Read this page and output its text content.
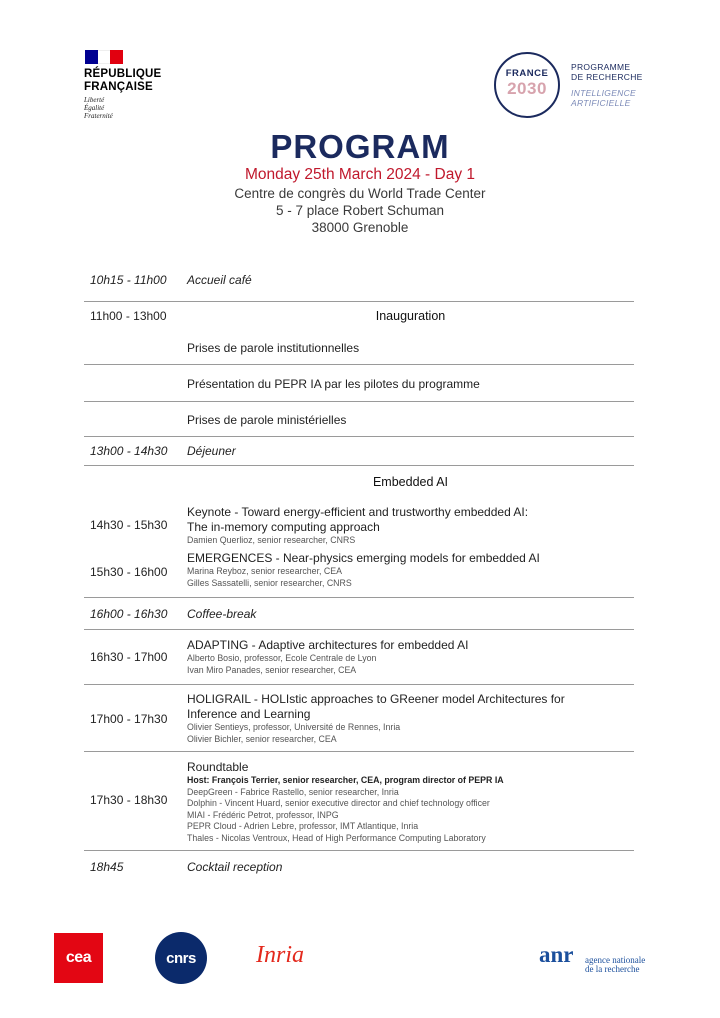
RÉPUBLIQUE
FRANÇAISE
Liberté
Égalité
Fraternité
FRANCE
2030
PROGRAMME
DE RECHERCHE
INTELLIGENCE
ARTIFICIELLE
PROGRAM
Monday 25th March 2024 - Day 1
Centre de congrès du World Trade Center
5 - 7 place Robert Schuman
38000 Grenoble
10h15 - 11h00 Accueil café
11h00 - 13h00	Inauguration
Prises de parole institutionnelles
Présentation du PEPR IA par les pilotes du programme
Prises de parole ministérielles
13h00 - 14h30 Déjeuner
Embedded AI
14h30 - 15h30
Keynote - Toward energy-efficient and trustworthy embedded AI:
The in-memory computing approach
Damien Querlioz, senior researcher, CNRS
15h30 - 16h00
EMERGENCES - Near-physics emerging models for embedded AI
Marina Reyboz, senior researcher, CEA
Gilles Sassatelli, senior researcher, CNRS
16h00 - 16h30 Coffee-break
16h30 - 17h00
ADAPTING - Adaptive architectures for embedded AI
Alberto Bosio, professor, Ecole Centrale de Lyon
Ivan Miro Panades, senior researcher, CEA
17h00 - 17h30
HOLIGRAIL - HOLIstic approaches to GReener model Architectures for
Inference and Learning
Olivier Sentieys, professor, Université de Rennes, Inria
Olivier Bichler, senior researcher, CEA
17h30 - 18h30
Roundtable
Host: François Terrier, senior researcher, CEA, program director of PEPR IA
DeepGreen - Fabrice Rastello, senior researcher, Inria
Dolphin - Vincent Huard, senior executive director and chief technology officer
MIAI - Frédéric Petrot, professor, INPG
PEPR Cloud - Adrien Lebre, professor, IMT Atlantique, Inria
Thales - Nicolas Ventroux, Head of High Performance Computing Laboratory
18h45	Cocktail reception
cea	cnrs	Inria	anr agence nationale
de la recherche
